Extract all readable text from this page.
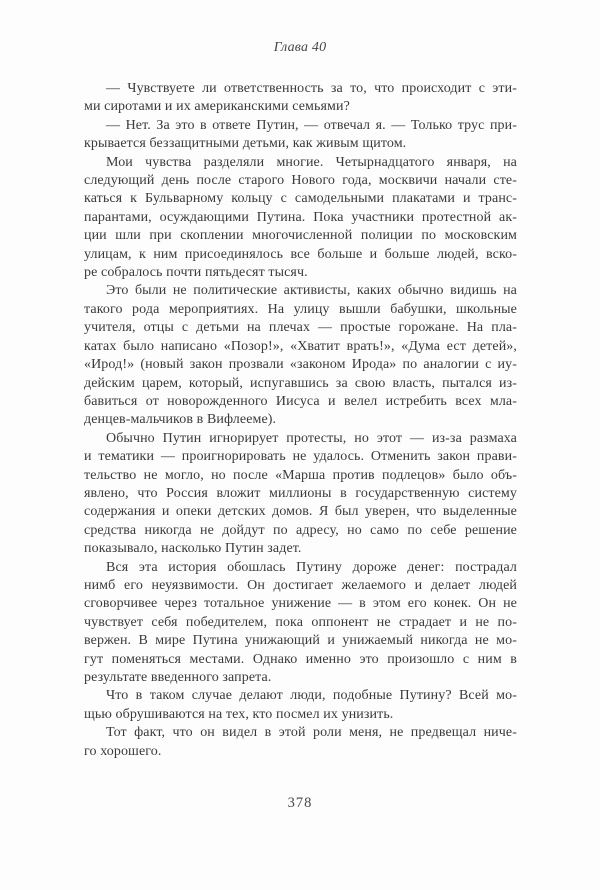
Глава 40
— Чувствуете ли ответственность за то, что происходит с эти-
ми сиротами и их американскими семьями?
— Нет. За это в ответе Путин, — отвечал я. — Только трус при-
крывается беззащитными детьми, как живым щитом.
Мои чувства разделяли многие. Четырнадцатого января, на
следующий день после старого Нового года, москвичи начали сте-
каться к Бульварному кольцу с самодельными плакатами и транс-
парантами, осуждающими Путина. Пока участники протестной ак-
ции шли при скоплении многочисленной полиции по московским
улицам, к ним присоединялось все больше и больше людей, вско-
ре собралось почти пятьдесят тысяч.
Это были не политические активисты, каких обычно видишь на
такого рода мероприятиях. На улицу вышли бабушки, школьные
учителя, отцы с детьми на плечах — простые горожане. На пла-
катах было написано «Позор!», «Хватит врать!», «Дума ест детей»,
«Ирод!» (новый закон прозвали «законом Ирода» по аналогии с иу-
дейским царем, который, испугавшись за свою власть, пытался из-
бавиться от новорожденного Иисуса и велел истребить всех мла-
денцев-мальчиков в Вифлееме).
Обычно Путин игнорирует протесты, но этот — из-за размаха
и тематики — проигнорировать не удалось. Отменить закон прави-
тельство не могло, но после «Марша против подлецов» было объ-
явлено, что Россия вложит миллионы в государственную систему
содержания и опеки детских домов. Я был уверен, что выделенные
средства никогда не дойдут по адресу, но само по себе решение
показывало, насколько Путин задет.
Вся эта история обошлась Путину дороже денег: пострадал
нимб его неуязвимости. Он достигает желаемого и делает людей
сговорчивее через тотальное унижение — в этом его конек. Он не
чувствует себя победителем, пока оппонент не страдает и не по-
вержен. В мире Путина унижающий и унижаемый никогда не мо-
гут поменяться местами. Однако именно это произошло с ним в
результате введенного запрета.
Что в таком случае делают люди, подобные Путину? Всей мо-
щью обрушиваются на тех, кто посмел их унизить.
Тот факт, что он видел в этой роли меня, не предвещал ниче-
го хорошего.
378
